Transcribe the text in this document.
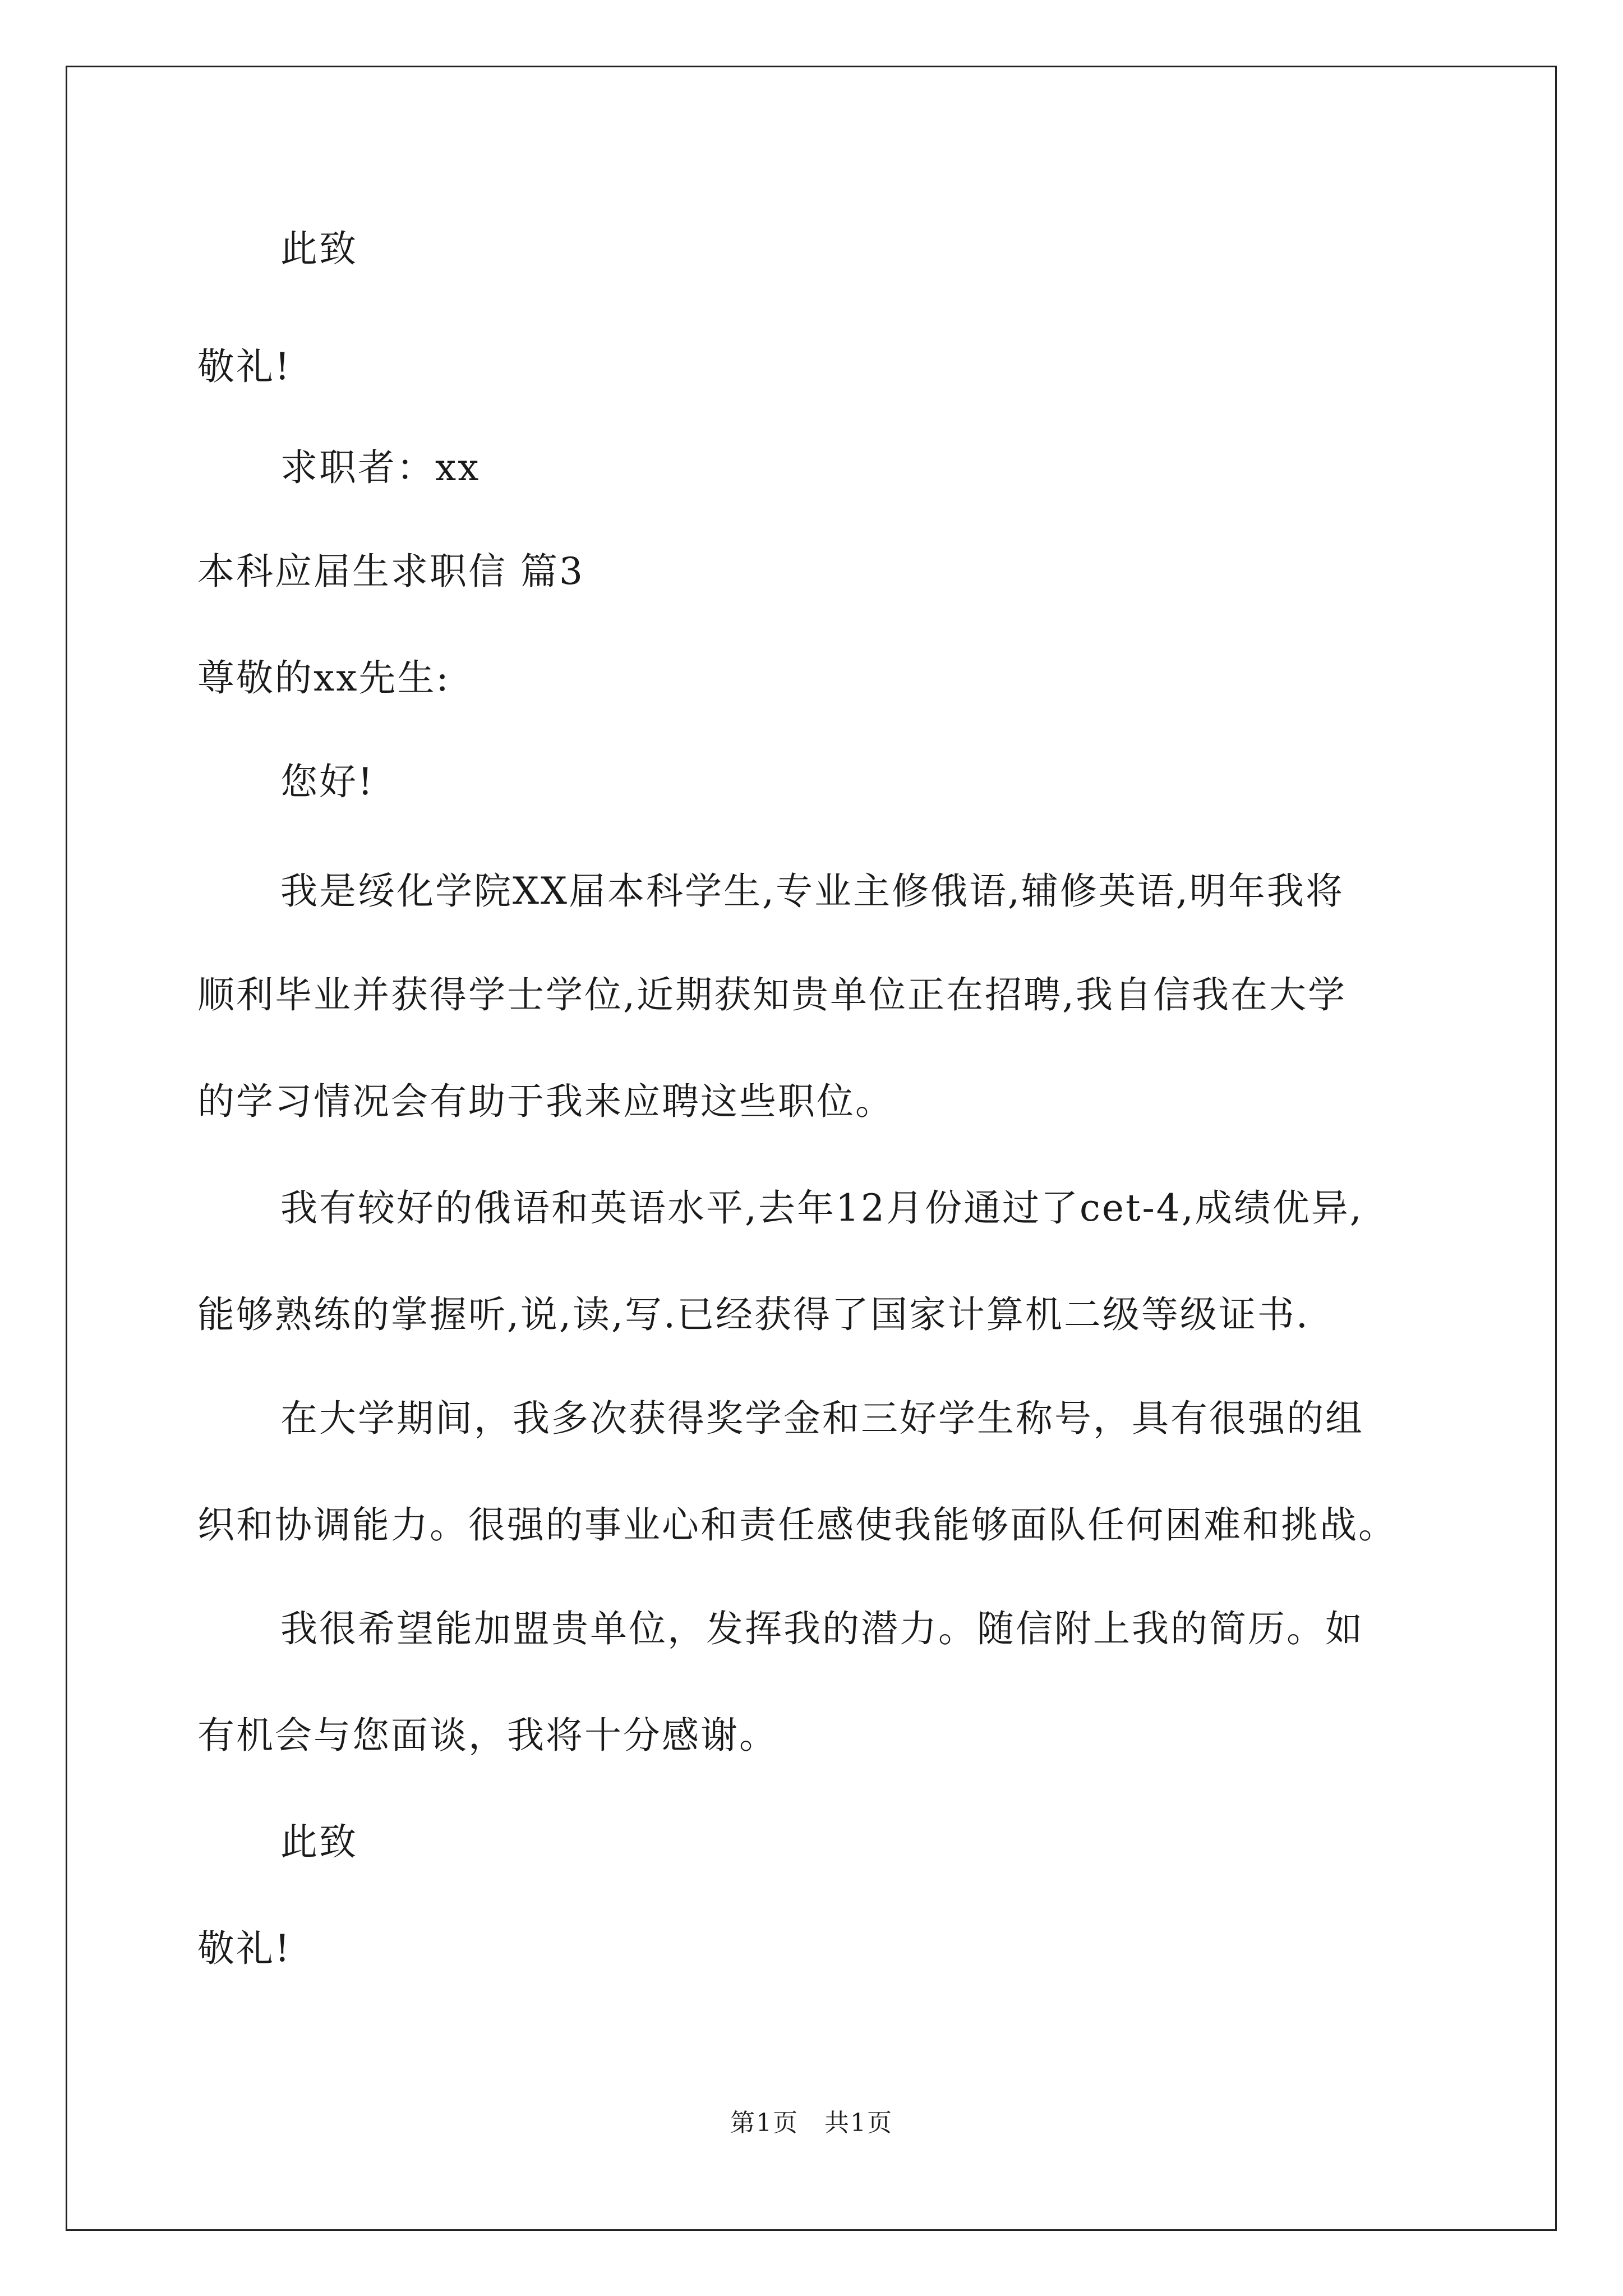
此致
敬礼!
求职者：xx
本科应届生求职信 篇3
尊敬的xx先生:
您好!
我是绥化学院XX届本科学生,专业主修俄语,辅修英语,明年我将
顺利毕业并获得学士学位,近期获知贵单位正在招聘,我自信我在大学
的学习情况会有助于我来应聘这些职位。
我有较好的俄语和英语水平,去年12月份通过了cet-4,成绩优异,
能够熟练的掌握听,说,读,写.已经获得了国家计算机二级等级证书.
在大学期间，我多次获得奖学金和三好学生称号，具有很强的组
织和协调能力。很强的事业心和责任感使我能够面队任何困难和挑战。
我很希望能加盟贵单位，发挥我的潜力。随信附上我的简历。如
有机会与您面谈，我将十分感谢。
此致
敬礼!
第1页　共1页
